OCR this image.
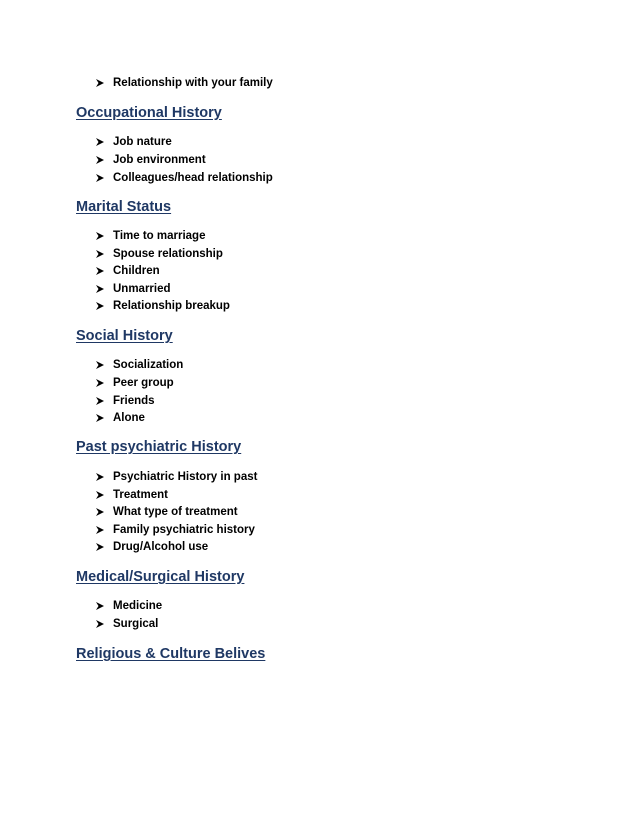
Relationship with your family
Occupational History
Job nature
Job environment
Colleagues/head relationship
Marital Status
Time to marriage
Spouse relationship
Children
Unmarried
Relationship breakup
Social History
Socialization
Peer group
Friends
Alone
Past psychiatric History
Psychiatric History in past
Treatment
What type of treatment
Family psychiatric history
Drug/Alcohol use
Medical/Surgical History
Medicine
Surgical
Religious & Culture Belives
